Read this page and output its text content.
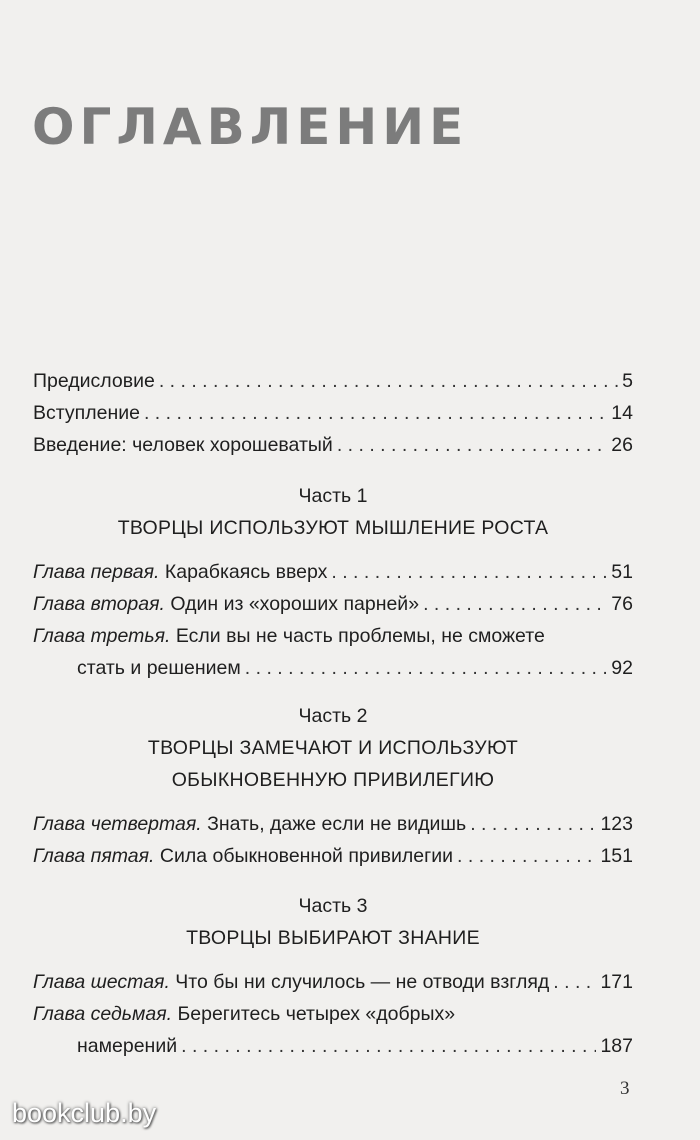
ОГЛАВЛЕНИЕ
Предисловие . . .	5
Вступление . . .	14
Введение: человек хорошеватый . . .	26
Часть 1
ТВОРЦЫ ИСПОЛЬЗУЮТ МЫШЛЕНИЕ РОСТА
Глава первая. Карабкаясь вверх . . .	51
Глава вторая. Один из «хороших парней» . . .	76
Глава третья. Если вы не часть проблемы, не сможете
стать и решением . . .	92
Часть 2
ТВОРЦЫ ЗАМЕЧАЮТ И ИСПОЛЬЗУЮТ
ОБЫКНОВЕННУЮ ПРИВИЛЕГИЮ
Глава четвертая. Знать, даже если не видишь . . .	123
Глава пятая. Сила обыкновенной привилегии . . .	151
Часть 3
ТВОРЦЫ ВЫБИРАЮТ ЗНАНИЕ
Глава шестая. Что бы ни случилось — не отводи взгляд . . .	171
Глава седьмая. Берегитесь четырех «добрых»
намерений . . .	187
3
bookclub.by
